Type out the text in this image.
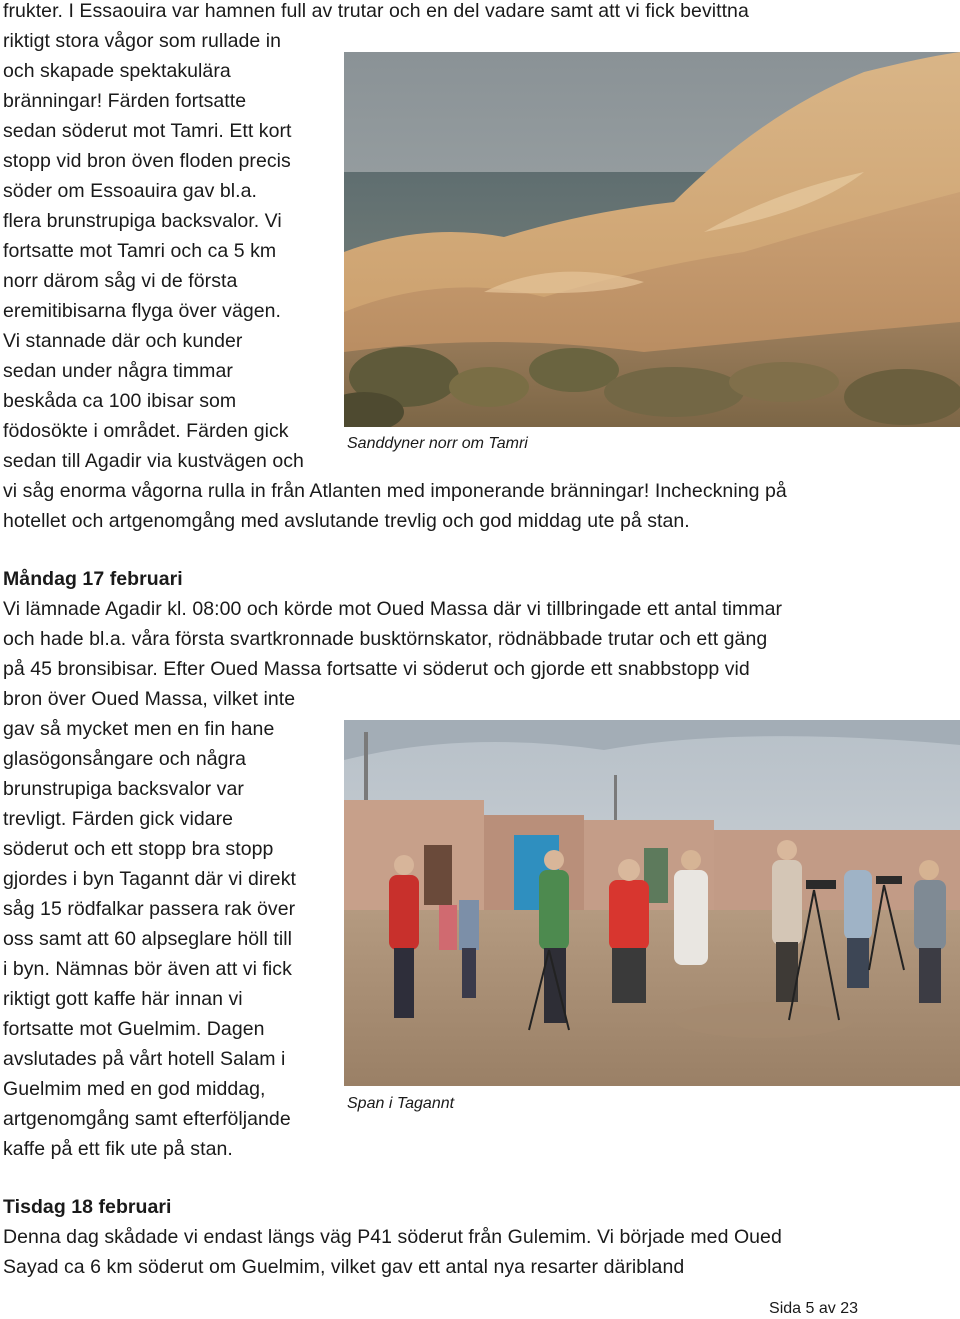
frukter. I Essaouira var hamnen full av trutar och en del vadare samt att vi fick bevittna

riktigt stora vågor som rullade in

och skapade spektakulära

bränningar! Färden fortsatte

sedan söderut mot Tamri. Ett kort

stopp vid bron öven floden precis

söder om Essoauira gav bl.a.

flera brunstrupiga backsvalor. Vi

fortsatte mot Tamri och ca 5 km

norr därom såg vi de första

eremitibisarna flyga över vägen.

Vi stannade där och kunder

sedan under några timmar

beskåda ca 100 ibisar som

födosökte i området. Färden gick

sedan till Agadir via kustvägen och

vi såg enorma vågorna rulla in från Atlanten med imponerande bränningar! Incheckning på

hotellet och artgenomgång med avslutande trevlig och god middag ute på stan.

Sanddyner norr om Tamri

Måndag 17 februari

Vi lämnade Agadir kl. 08:00 och körde mot Oued Massa där vi tillbringade ett antal timmar

och hade bl.a. våra första svartkronnade busktörnskator, rödnäbbade trutar och ett gäng

på 45 bronsibisar. Efter Oued Massa fortsatte vi söderut och gjorde ett snabbstopp vid

bron över Oued Massa, vilket inte

gav så mycket men en fin hane

glasögonsångare och några

brunstrupiga backsvalor var

trevligt. Färden gick vidare

söderut och ett stopp bra stopp

gjordes i byn Tagannt där vi direkt

såg 15 rödfalkar passera rak över

oss samt att 60 alpseglare höll till

i byn. Nämnas bör även att vi fick

riktigt gott kaffe här innan vi

fortsatte mot Guelmim. Dagen

avslutades på vårt hotell Salam i

Guelmim med en god middag,

artgenomgång samt efterföljande

kaffe på ett fik ute på stan.

Span i Tagannt

Tisdag 18 februari

Denna dag skådade vi endast längs väg P41 söderut från Gulemim. Vi började med Oued

Sayad ca 6 km söderut om Guelmim, vilket gav ett antal nya resarter däribland

Sida 5 av 23
